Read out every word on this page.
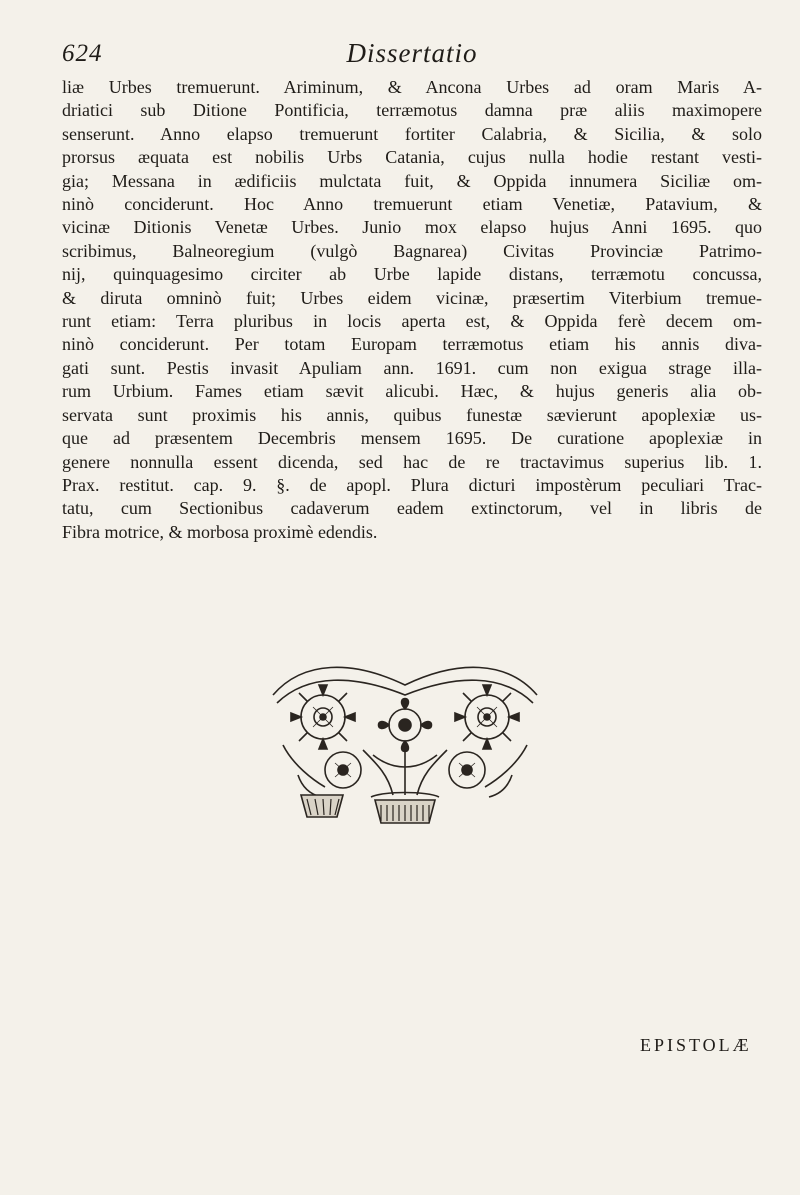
624	Dissertatio
liæ Urbes tremuerunt. Ariminum, & Ancona Urbes ad oram Maris A-
driatici sub Ditione Pontificia, terræmotus damna præ aliis maximopere
senserunt. Anno elapso tremuerunt fortiter Calabria, & Sicilia, & solo
prorsus æquata est nobilis Urbs Catania, cujus nulla hodie restant vesti-
gia; Messana in ædificiis mulctata fuit, & Oppida innumera Siciliæ om-
ninò conciderunt. Hoc Anno tremuerunt etiam Venetiæ, Patavium, &
vicinæ Ditionis Venetæ Urbes. Junio mox elapso hujus Anni 1695. quo
scribimus, Balneoregium (vulgò Bagnarea) Civitas Provinciæ Patrimo-
nij, quinquagesimo circiter ab Urbe lapide distans, terræmotu concussa,
& diruta omninò fuit; Urbes eidem vicinæ, præsertim Viterbium tremue-
runt etiam: Terra pluribus in locis aperta est, & Oppida ferè decem om-
ninò conciderunt. Per totam Europam terræmotus etiam his annis diva-
gati sunt. Pestis invasit Apuliam ann. 1691. cum non exigua strage illa-
rum Urbium. Fames etiam sævit alicubi. Hæc, & hujus generis alia ob-
servata sunt proximis his annis, quibus funestæ sævierunt apoplexiæ us-
que ad præsentem Decembris mensem 1695. De curatione apoplexiæ in
genere nonnulla essent dicenda, sed hac de re tractavimus superius lib. 1.
Prax. restitut. cap. 9. §. de apopl. Plura dicturi impostèrum peculiari Trac-
tatu, cum Sectionibus cadaverum eadem extinctorum, vel in libris de
Fibra motrice, & morbosa proximè edendis.
EPISTOLÆ
